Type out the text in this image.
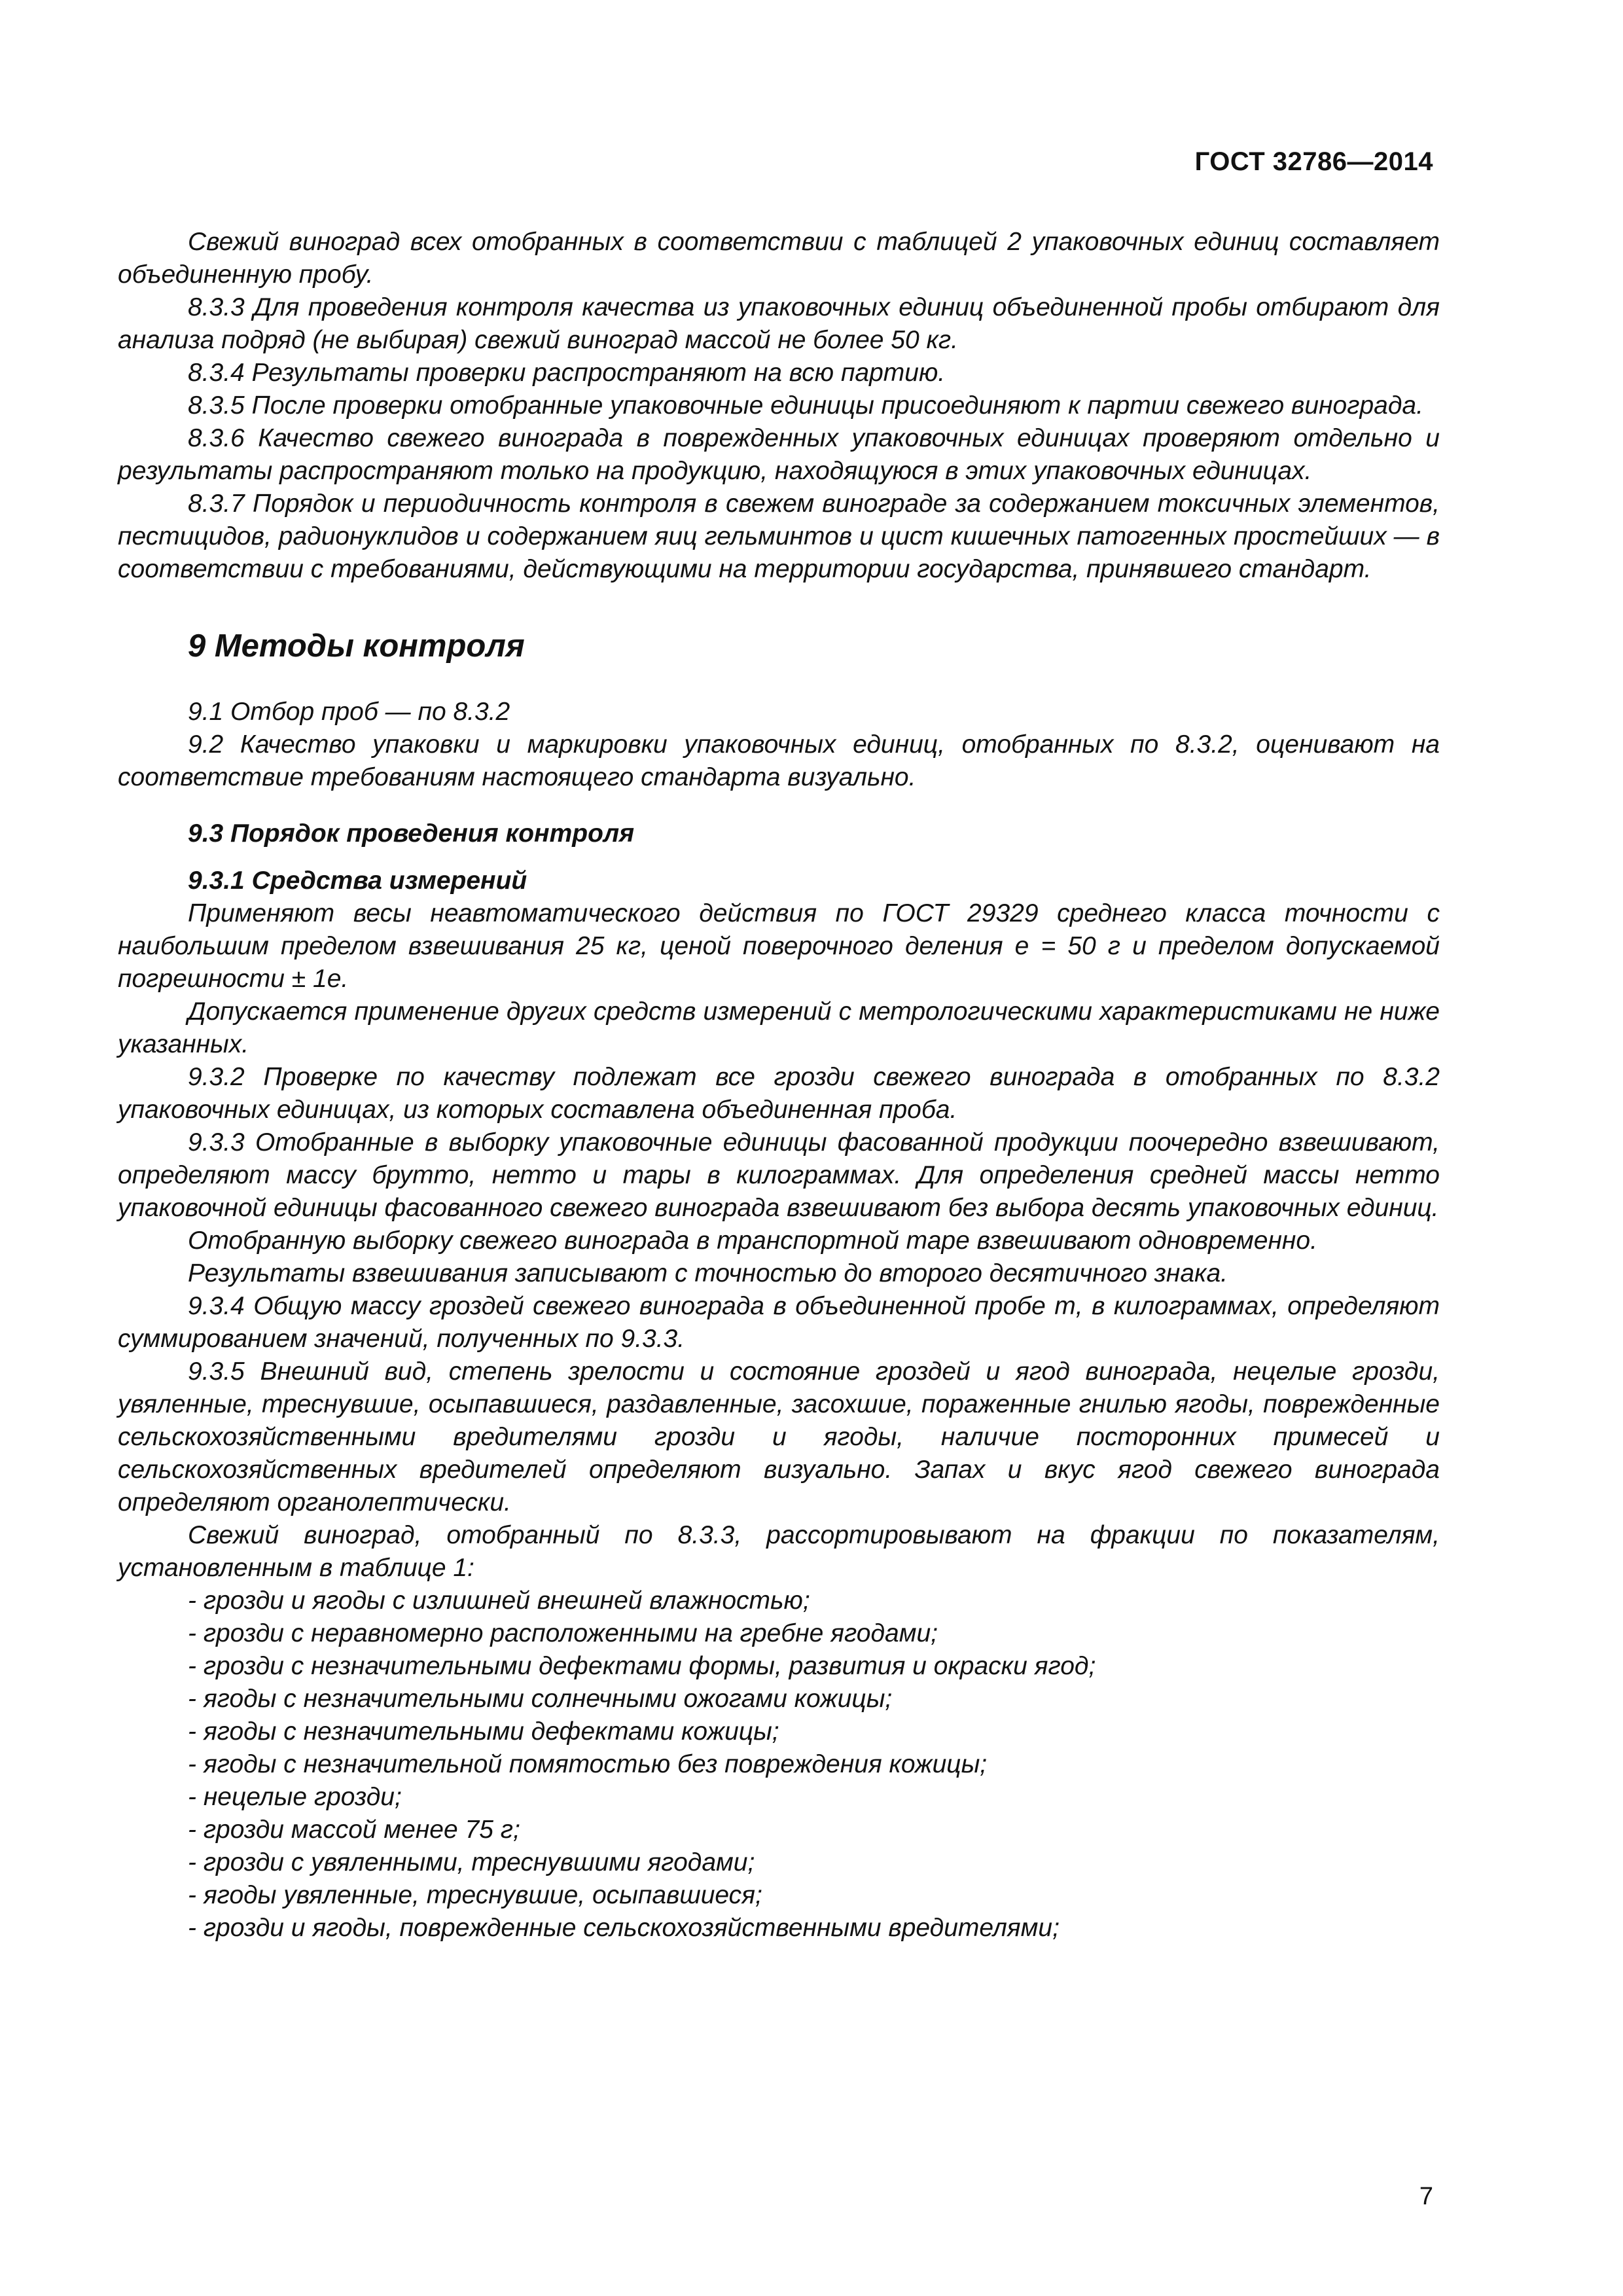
ГОСТ 32786—2014

Свежий виноград всех отобранных в соответствии с таблицей 2 упаковочных единиц составляет объединенную пробу.

8.3.3 Для проведения контроля качества из упаковочных единиц объединенной пробы отбирают для анализа подряд (не выбирая) свежий виноград массой не более 50 кг.

8.3.4 Результаты проверки распространяют на всю партию.

8.3.5 После проверки отобранные упаковочные единицы присоединяют к партии свежего винограда.

8.3.6 Качество свежего винограда в поврежденных упаковочных единицах проверяют отдельно и результаты распространяют только на продукцию, находящуюся в этих упаковочных единицах.

8.3.7 Порядок и периодичность контроля в свежем винограде за содержанием токсичных элементов, пестицидов, радионуклидов и содержанием яиц гельминтов и цист кишечных патогенных простейших — в соответствии с требованиями, действующими на территории государства, принявшего стандарт.

9 Методы контроля

9.1 Отбор проб — по 8.3.2

9.2 Качество упаковки и маркировки упаковочных единиц, отобранных по 8.3.2, оценивают на соответствие требованиям настоящего стандарта визуально.

9.3 Порядок проведения контроля
9.3.1 Средства измерений

Применяют весы неавтоматического действия по ГОСТ 29329 среднего класса точности с наибольшим пределом взвешивания 25 кг, ценой поверочного деления e = 50 г и пределом допускаемой погрешности ± 1e.

Допускается применение других средств измерений с метрологическими характеристиками не ниже указанных.

9.3.2 Проверке по качеству подлежат все грозди свежего винограда в отобранных по 8.3.2 упаковочных единицах, из которых составлена объединенная проба.

9.3.3 Отобранные в выборку упаковочные единицы фасованной продукции поочередно взвешивают, определяют массу брутто, нетто и тары в килограммах. Для определения средней массы нетто упаковочной единицы фасованного свежего винограда взвешивают без выбора десять упаковочных единиц.

Отобранную выборку свежего винограда в транспортной таре взвешивают одновременно.

Результаты взвешивания записывают с точностью до второго десятичного знака.

9.3.4 Общую массу гроздей свежего винограда в объединенной пробе m, в килограммах, определяют суммированием значений, полученных по 9.3.3.

9.3.5 Внешний вид, степень зрелости и состояние гроздей и ягод винограда, нецелые грозди, увяленные, треснувшие, осыпавшиеся, раздавленные, засохшие, пораженные гнилью ягоды, поврежденные сельскохозяйственными вредителями грозди и ягоды, наличие посторонних примесей и сельскохозяйственных вредителей определяют визуально. Запах и вкус ягод свежего винограда определяют органолептически.

Свежий виноград, отобранный по 8.3.3, рассортировывают на фракции по показателям, установленным в таблице 1:

- грозди и ягоды с излишней внешней влажностью;
- грозди с неравномерно расположенными на гребне ягодами;
- грозди с незначительными дефектами формы, развития и окраски ягод;
- ягоды с незначительными солнечными ожогами кожицы;
- ягоды с незначительными дефектами кожицы;
- ягоды с незначительной помятостью без повреждения кожицы;
- нецелые грозди;
- грозди массой менее 75 г;
- грозди с увяленными, треснувшими ягодами;
- ягоды увяленные, треснувшие, осыпавшиеся;
- грозди и ягоды, поврежденные сельскохозяйственными вредителями;
7
